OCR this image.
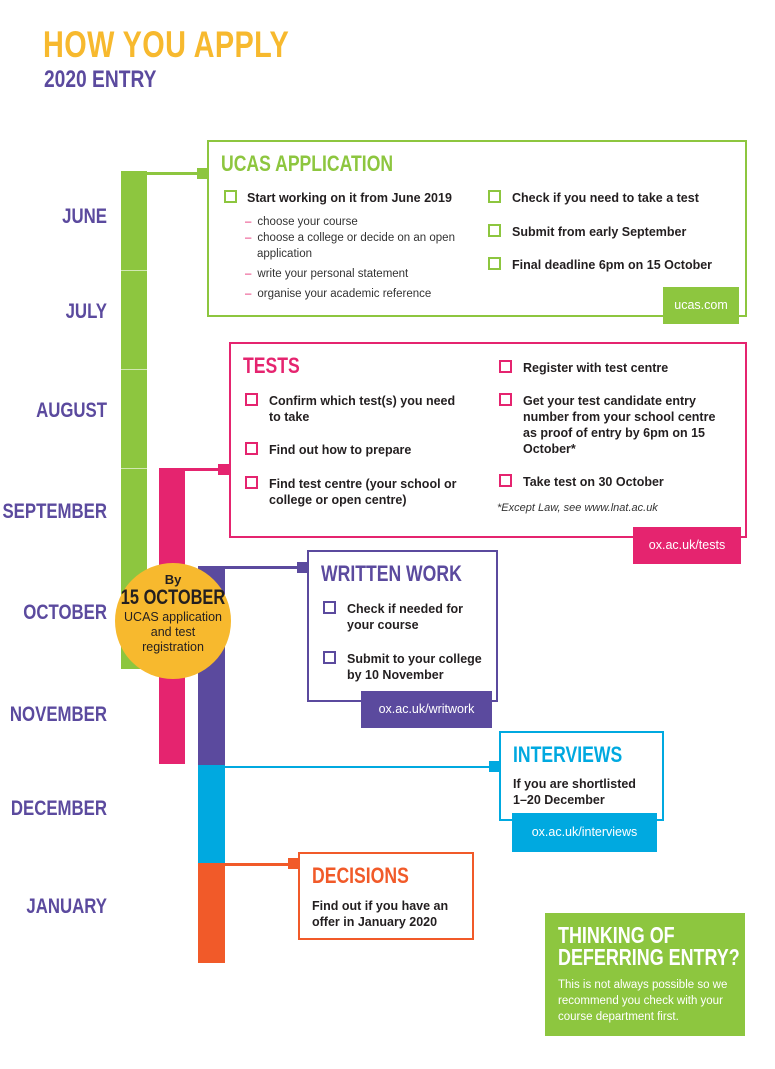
HOW YOU APPLY
2020 ENTRY
JUNE
JULY
AUGUST
SEPTEMBER
OCTOBER
NOVEMBER
DECEMBER
JANUARY
By
15 OCTOBER
UCAS application and test registration
UCAS APPLICATION
Start working on it from June 2019
– choose your course
– choose a college or decide on an open application
– write your personal statement
– organise your academic reference
Check if you need to take a test
Submit from early September
Final deadline 6pm on 15 October
ucas.com
TESTS
Confirm which test(s) you need to take
Find out how to prepare
Find test centre (your school or college or open centre)
Register with test centre
Get your test candidate entry number from your school centre as proof of entry by 6pm on 15 October*
Take test on 30 October
*Except Law, see www.lnat.ac.uk
ox.ac.uk/tests
WRITTEN WORK
Check if needed for your course
Submit to your college by 10 November
ox.ac.uk/writwork
INTERVIEWS
If you are shortlisted 1–20 December
ox.ac.uk/interviews
DECISIONS
Find out if you have an offer in January 2020	THINKING OF
DEFERRING ENTRY?
This is not always possible so we recommend you check with your course department first.
